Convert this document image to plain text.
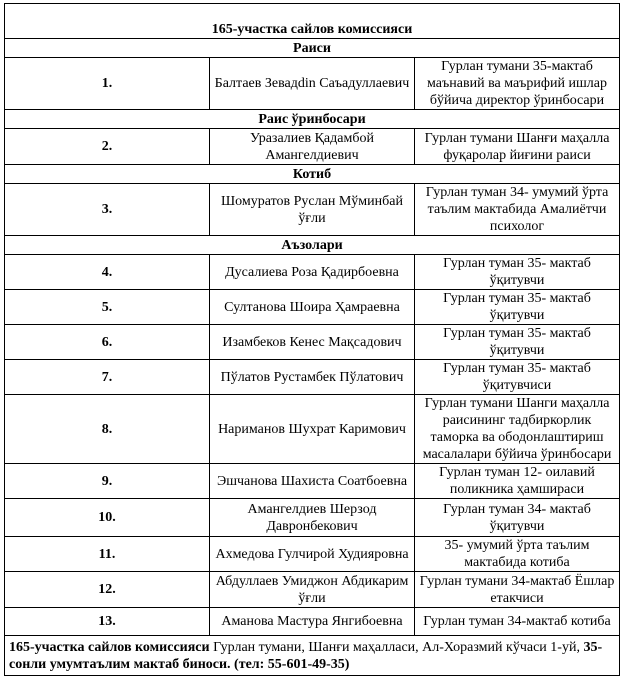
165-участка сайлов комиссияси		
Раиси		
1.	Балтаев Зевадdin Саъадуллаевич	Гурлан тумани 35-мактаб маънавий ва маърифий ишлар бўйича директор ўринбосари
Раис ўринбосари		
2.	Уразалиев Қадамбой Амангелдиевич	Гурлан тумани Шанғи маҳалла фуқаролар йиғини раиси
Котиб		
3.	Шомуратов Руслан Мўминбай ўғли	Гурлан туман 34- умумий ўрта таълим мактабида Амалиётчи психолог
Аъзолари		
4.	Дусалиева Роза Қадирбоевна	Гурлан туман 35- мактаб ўқитувчи
5.	Султанова Шоира Ҳамраевна	Гурлан туман 35- мактаб ўқитувчи
6.	Изамбеков Кенес Мақсадович	Гурлан туман 35- мактаб ўқитувчи
7.	Пўлатов Рустамбек Пўлатович	Гурлан туман 35- мактаб ўқитувчиси
8.	Нариманов Шухрат Каримович	Гурлан тумани Шанги маҳалла раисининг тадбиркорлик таморка ва ободонлаштириш масалалари бўйича ўринбосари
9.	Эшчанова Шахиста Соатбоевна	Гурлан туман 12- оилавий поликника ҳамшираси
10.	Амангелдиев Шерзод Давронбекович	Гурлан туман 34- мактаб ўқитувчи
11.	Ахмедова Гулчирой Худияровна	35- умумий ўрта таълим мактабида котиба
12.	Абдуллаев Умиджон Абдикарим ўғли	Гурлан тумани 34-мактаб Ёшлар етакчиси
13.	Аманова Мастура Янгибоевна	Гурлан туман 34-мактаб котиба
165-участка сайлов комиссияси Гурлан тумани, Шанғи маҳалласи, Ал-Хоразмий кўчаси 1-уй, 35-сонли умумтаълим мактаб биноси. (тел: 55-601-49-35)		
